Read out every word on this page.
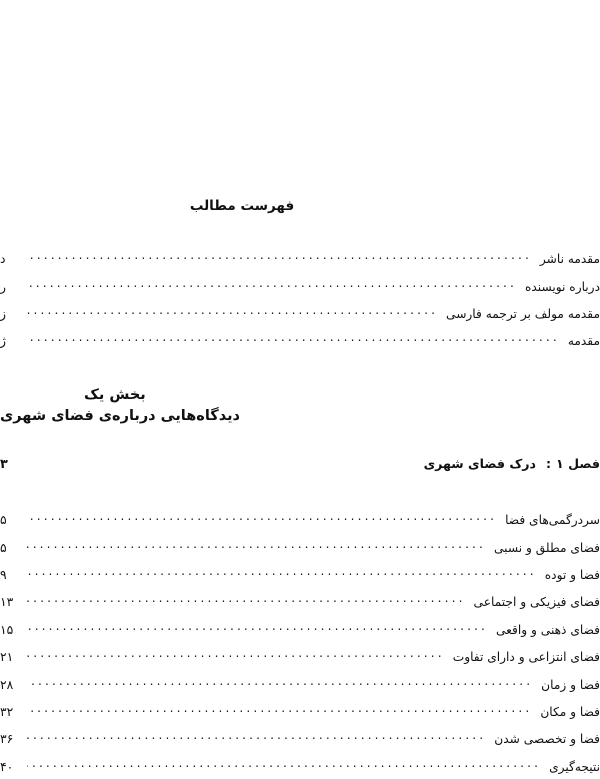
فهرست مطالب
مقدمه ناشر
.....
د
درباره نویسنده
.....
ر
مقدمه مولف بر ترجمه فارسی
.....
ز
مقدمه
.....
ژ
بخش یک
دیدگاه‌هایی درباره‌ی فضای شهری
فصل ۱
:
درک فضای شهری
۳
سردرگمی‌های فضا
.....
۵
فضای مطلق و نسبی
.....
۵
فضا و توده
.....
۹
فضای فیزیکی و اجتماعی
.....
۱۳
فضای ذهنی و واقعی
.....
۱۵
فضای انتزاعی و دارای تفاوت
.....
۲۱
فضا و زمان
.....
۲۸
فضا و مکان
.....
۳۲
فضا و تخصصی شدن
.....
۳۶
نتیجه‌گیری
.....
۴۰
